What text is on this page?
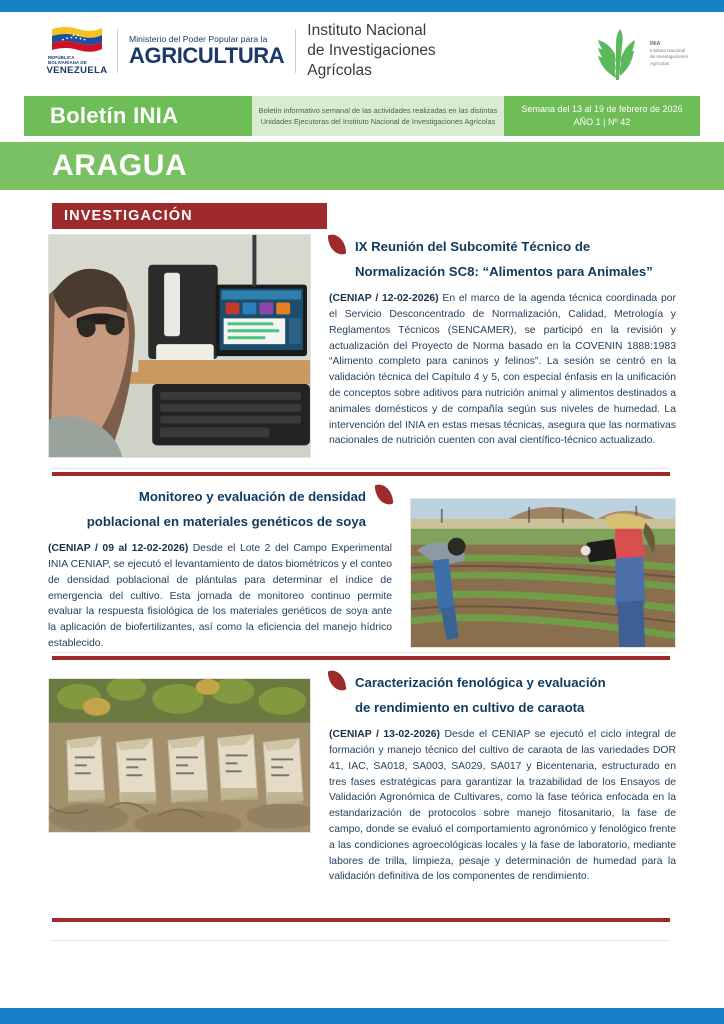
REPÚBLICA BOLIVARIANA DE
VENEZUELA
Ministerio del Poder Popular para la
AGRICULTURA
Instituto Nacional
de Investigaciones
Agrícolas
INIA
Instituto Nacional
de Investigaciones
Agrícolas
Boletín INIA	Boletín informativo semanal de las actividades realizadas en las distintas Unidades Ejecutoras del Instituto Nacional de Investigaciones Agrícolas

Semana del 13 al 19 de febrero de 2026

AÑO 1 | Nº 42

ARAGUA
INVESTIGACIÓN
IX Reunión del Subcomité Técnico de
Normalización SC8: “Alimentos para Animales”

(CENIAP / 12-02-2026) En el marco de la agenda técnica coordinada por el Servicio Desconcentrado de Normalización, Calidad, Metrología y Reglamentos Técnicos (SENCAMER), se participó en la revisión y actualización del Proyecto de Norma basado en la COVENIN 1888:1983 “Alimento completo para caninos y felinos”. La sesión se centró en la validación técnica del Capítulo 4 y 5, con especial énfasis en la unificación de conceptos sobre aditivos para nutrición animal y alimentos destinados a animales domésticos y de compañía según sus niveles de humedad. La intervención del INIA en estas mesas técnicas, asegura que las normativas nacionales de nutrición cuenten con aval científico-técnico actualizado.

Monitoreo y evaluación de densidad
poblacional en materiales genéticos de soya

(CENIAP / 09 al 12-02-2026) Desde el Lote 2 del Campo Experimental INIA CENIAP, se ejecutó el levantamiento de datos biométricos y el conteo de densidad poblacional de plántulas para determinar el índice de emergencia del cultivo. Esta jornada de monitoreo continuo permite evaluar la respuesta fisiológica de los materiales genéticos de soya ante la aplicación de biofertilizantes, así como la eficiencia del manejo hídrico establecido.

Caracterización fenológica y evaluación
de rendimiento en cultivo de caraota

(CENIAP / 13-02-2026) Desde el CENIAP se ejecutó el ciclo integral de formación y manejo técnico del cultivo de caraota de las variedades DOR 41, IAC, SA018, SA003, SA029, SA017 y Bicentenaria, estructurado en tres fases estratégicas para garantizar la trazabilidad de los Ensayos de Validación Agronómica de Cultivares, como la fase teórica enfocada en la estandarización de protocolos sobre manejo fitosanitario, la fase de campo, donde se evaluó el comportamiento agronómico y fenológico frente a las condiciones agroecológicas locales y la fase de laboratorio, mediante labores de trilla, limpieza, pesaje y determinación de humedad para la validación definitiva de los componentes de rendimiento.
